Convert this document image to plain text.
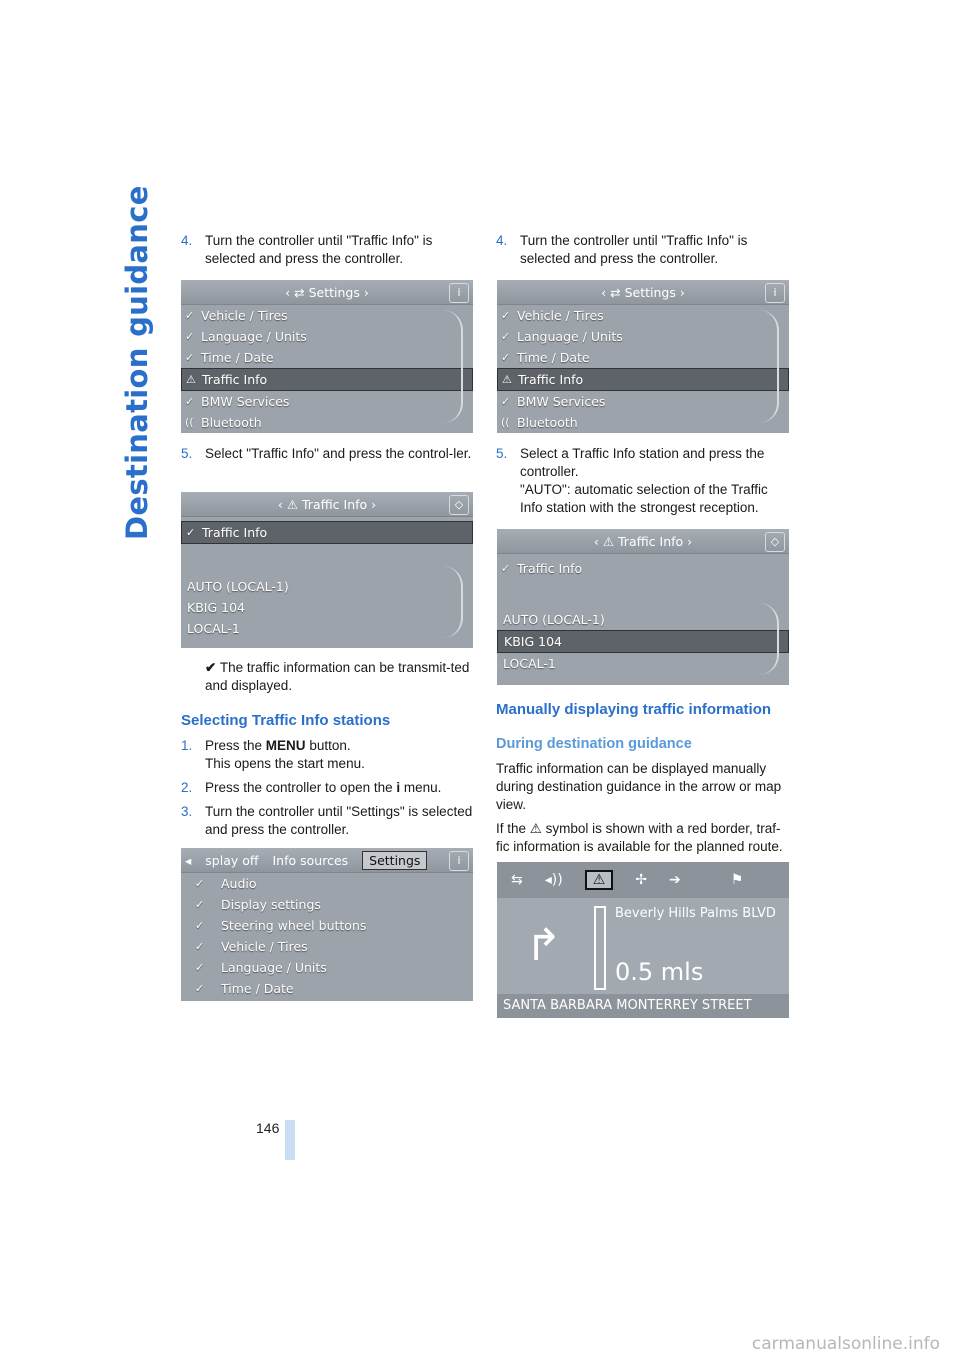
Destination guidance 4. Turn the controller until "Traffic Info" is selected and press the controller.
‹ ⇄ Settings ›	i
✓ Vehicle / Tires
✓ Language / Units
✓ Time / Date
⚠ Traffic Info
✓ BMW Services
(( Bluetooth
5. Select "Traffic Info" and press the control-ler.
‹ ⚠ Traffic Info ›	◇
✓ Traffic Info
AUTO (LOCAL-1)
KBIG 104
LOCAL-1

✔ The traffic information can be transmit-ted and displayed.

Selecting Traffic Info stations
1. Press the MENU button.
This opens the start menu.
2. Press the controller to open the i menu.
3. Turn the controller until "Settings" is selected and press the controller.
◂ splay off Info sources	Settings	i
✓	Audio
✓	Display settings
✓	Steering wheel buttons
✓	Vehicle / Tires
✓	Language / Units
✓	Time / Date
4. Turn the controller until "Traffic Info" is selected and press the controller.
‹ ⇄ Settings ›	i
✓ Vehicle / Tires
✓ Language / Units
✓ Time / Date
⚠ Traffic Info
✓ BMW Services
(( Bluetooth
5. Select a Traffic Info station and press the controller.
"AUTO": automatic selection of the Traffic Info station with the strongest reception.
‹ ⚠ Traffic Info ›	◇
✓ Traffic Info
AUTO (LOCAL-1)
KBIG 104
LOCAL-1
Manually displaying traffic information
During destination guidance

Traffic information can be displayed manually during destination guidance in the arrow or map view.

If the ⚠ symbol is shown with a red border, traf-fic information is available for the planned route.

⇆ ◂))	⚠	✢ ➔	⚑
↱
Beverly Hills Palms BLVD
0.5 mls
SANTA BARBARA MONTERREY STREET
146
carmanualsonline.info
